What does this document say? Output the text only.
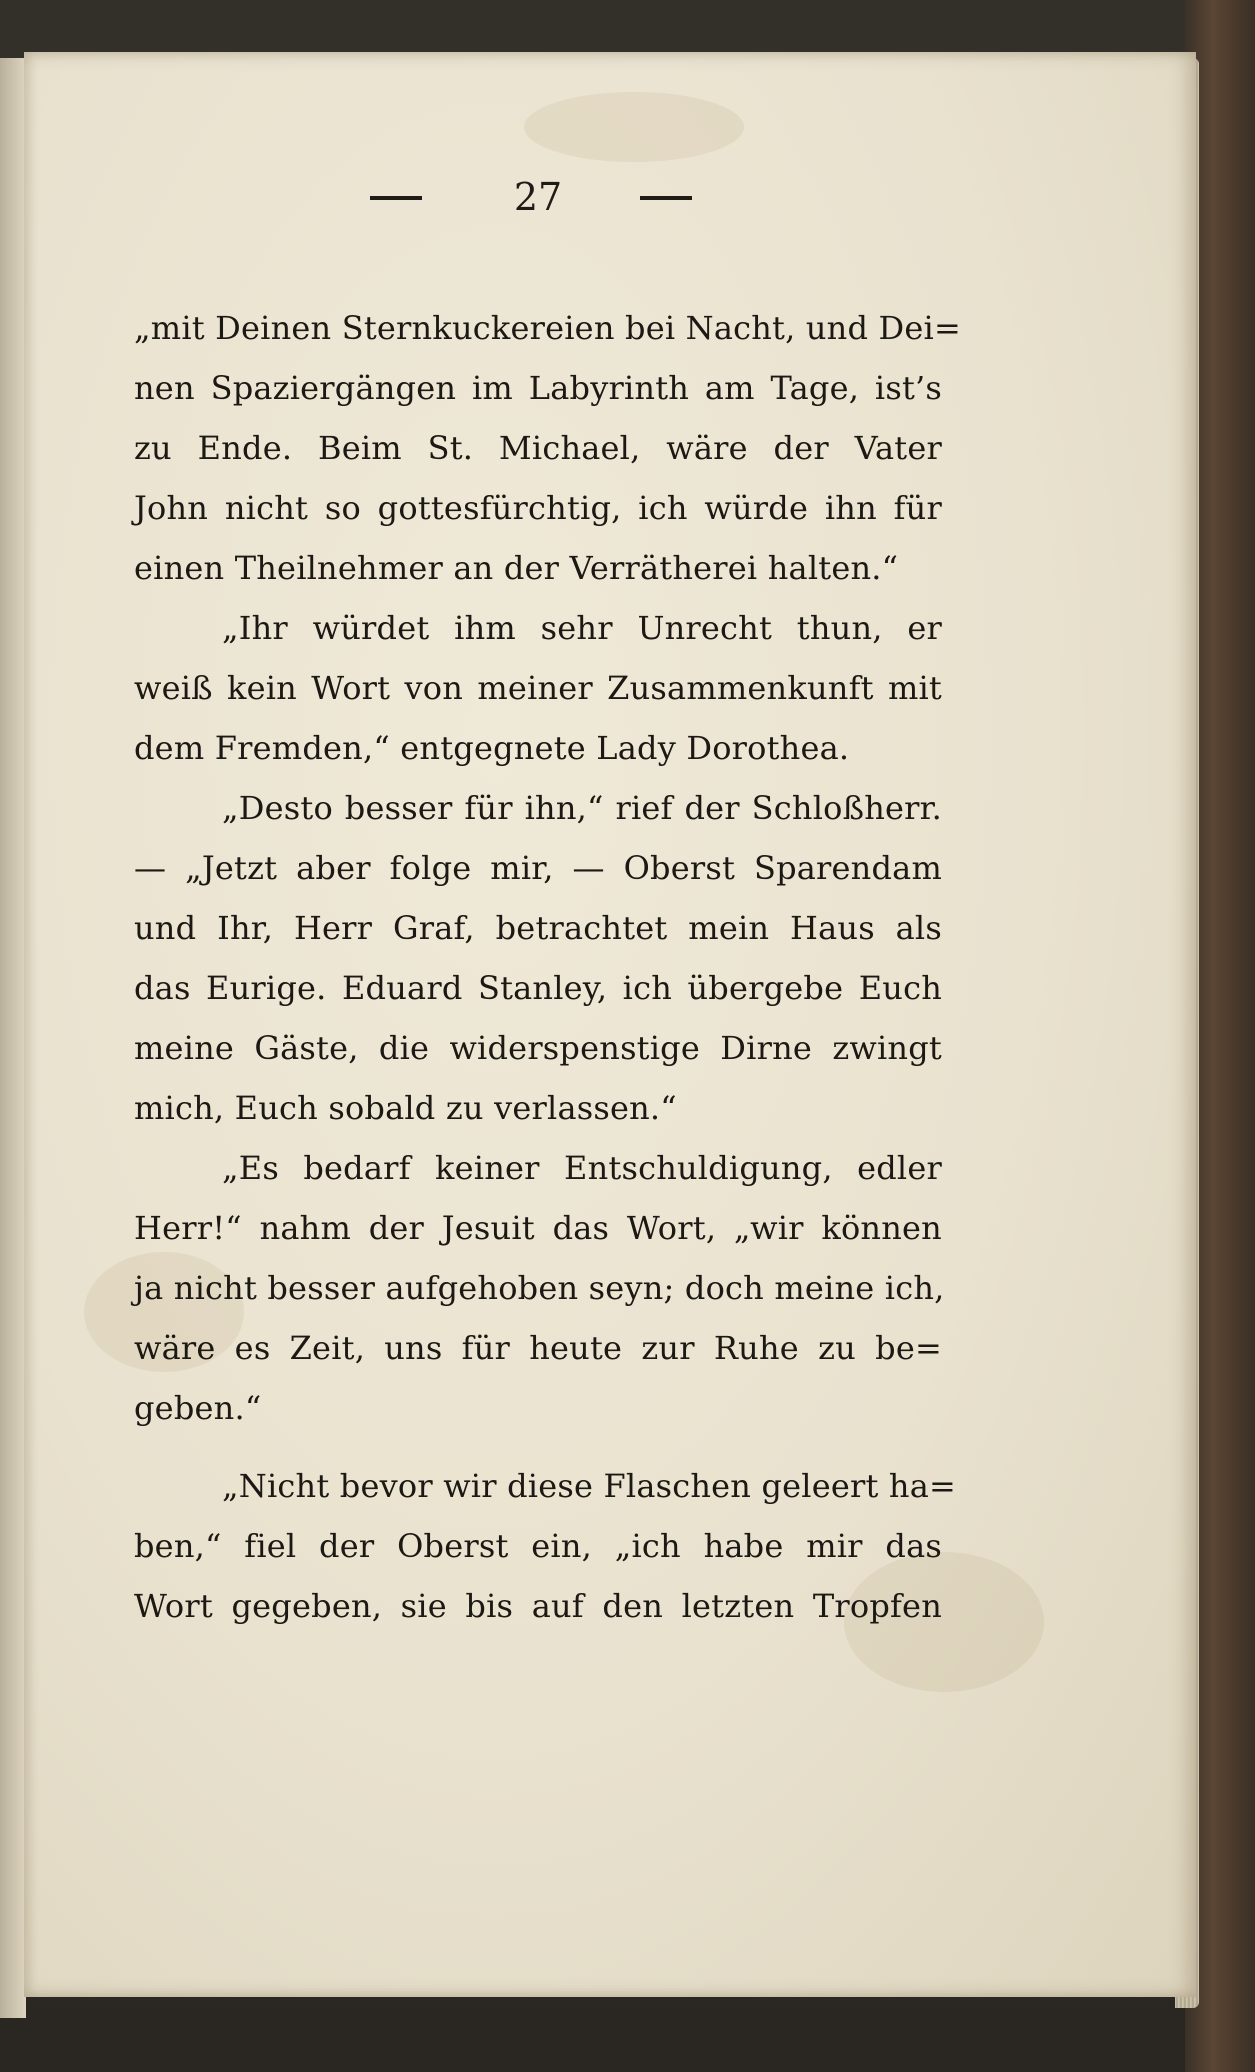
27
„mit Deinen Sternkuckereien bei Nacht, und Dei=
nen Spaziergängen im Labyrinth am Tage, ist’s
zu Ende. Beim St. Michael, wäre der Vater
John nicht so gottesfürchtig, ich würde ihn für
einen Theilnehmer an der Verrätherei halten.“
„Ihr würdet ihm sehr Unrecht thun, er
weiß kein Wort von meiner Zusammenkunft mit
dem Fremden,“ entgegnete Lady Dorothea.
„Desto besser für ihn,“ rief der Schloßherr.
— „Jetzt aber folge mir, — Oberst Sparendam
und Ihr, Herr Graf, betrachtet mein Haus als
das Eurige. Eduard Stanley, ich übergebe Euch
meine Gäste, die widerspenstige Dirne zwingt
mich, Euch sobald zu verlassen.“
„Es bedarf keiner Entschuldigung, edler
Herr!“ nahm der Jesuit das Wort, „wir können
ja nicht besser aufgehoben seyn; doch meine ich,
wäre es Zeit, uns für heute zur Ruhe zu be=
geben.“
„Nicht bevor wir diese Flaschen geleert ha=
ben,“ fiel der Oberst ein, „ich habe mir das
Wort gegeben, sie bis auf den letzten Tropfen
